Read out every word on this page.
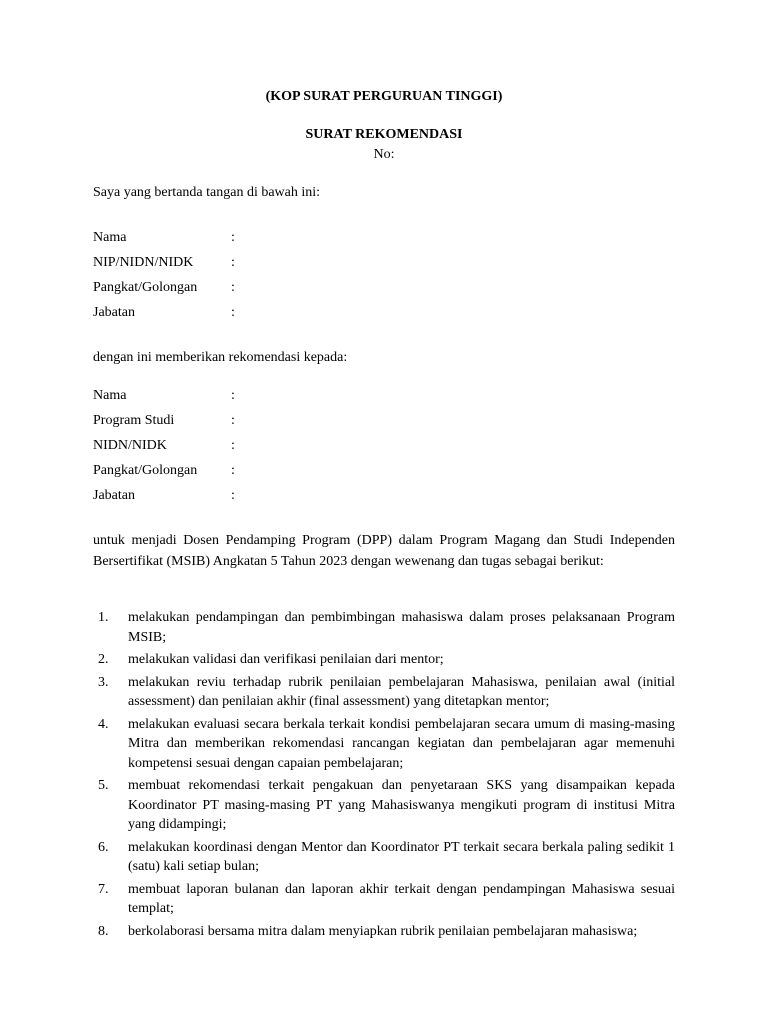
(KOP SURAT PERGURUAN TINGGI)
SURAT REKOMENDASI
No:
Saya yang bertanda tangan di bawah ini:
Nama	:
NIP/NIDN/NIDK	:
Pangkat/Golongan :
Jabatan	:
dengan ini memberikan rekomendasi kepada:
Nama	:
Program Studi	:
NIDN/NIDK	:
Pangkat/Golongan :
Jabatan	:

untuk menjadi Dosen Pendamping Program (DPP) dalam Program Magang dan Studi Independen Bersertifikat (MSIB) Angkatan 5 Tahun 2023 dengan wewenang dan tugas sebagai berikut:

1. melakukan pendampingan dan pembimbingan mahasiswa dalam proses pelaksanaan Program MSIB;
2. melakukan validasi dan verifikasi penilaian dari mentor;
3. melakukan reviu terhadap rubrik penilaian pembelajaran Mahasiswa, penilaian awal (initial assessment) dan penilaian akhir (final assessment) yang ditetapkan mentor;
4. melakukan evaluasi secara berkala terkait kondisi pembelajaran secara umum di masing-masing Mitra dan memberikan rekomendasi rancangan kegiatan dan pembelajaran agar memenuhi kompetensi sesuai dengan capaian pembelajaran;
5. membuat rekomendasi terkait pengakuan dan penyetaraan SKS yang disampaikan kepada Koordinator PT masing-masing PT yang Mahasiswanya mengikuti program di institusi Mitra yang didampingi;
6. melakukan koordinasi dengan Mentor dan Koordinator PT terkait secara berkala paling sedikit 1 (satu) kali setiap bulan;
7. membuat laporan bulanan dan laporan akhir terkait dengan pendampingan Mahasiswa sesuai templat;
8. berkolaborasi bersama mitra dalam menyiapkan rubrik penilaian pembelajaran mahasiswa;
